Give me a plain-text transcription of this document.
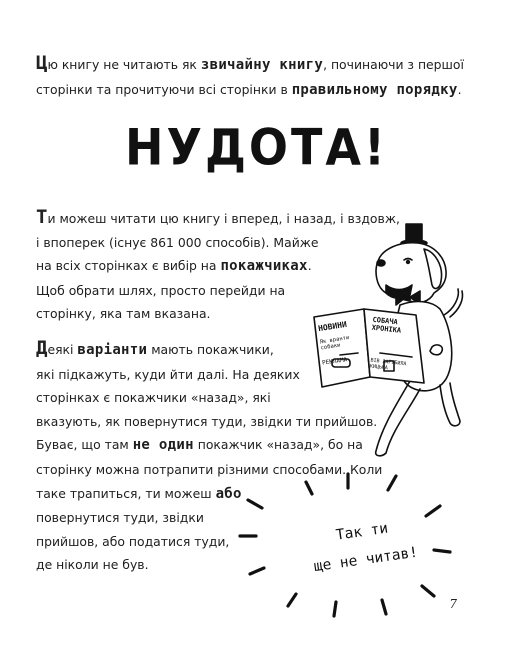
Цю книгу не читають як звичайну книгу, починаючи з першої
сторінки та прочитуючи всі сторінки в правильному порядку.
НУДОТА!
Ти можеш читати цю книгу і вперед, і назад, і вздовж,
і впоперек (існує 861 000 способів). Майже
на всіх сторінках є вибір на покажчиках.
Щоб обрати шлях, просто перейди на
сторінку, яка там вказана.
Деякі варіанти мають покажчики,
які підкажуть, куди йти далі. На деяких
сторінках є покажчики «назад», які
вказують, як повернутися туди, звідки ти прийшов.
Буває, що там не один покажчик «назад», бо на
сторінку можна потрапити різними способами. Коли
таке трапиться, ти можеш або
повернутися туди, звідки
прийшов, або податися туди,
де ніколи не був.
НОВИНИ
Як вранти собаки
РЕКЛАМА
СОБАЧА ХРОНІКА
ВІВ ЗАГУБИЛА КИЦЬКА
Так ти
ще не читав!
7
